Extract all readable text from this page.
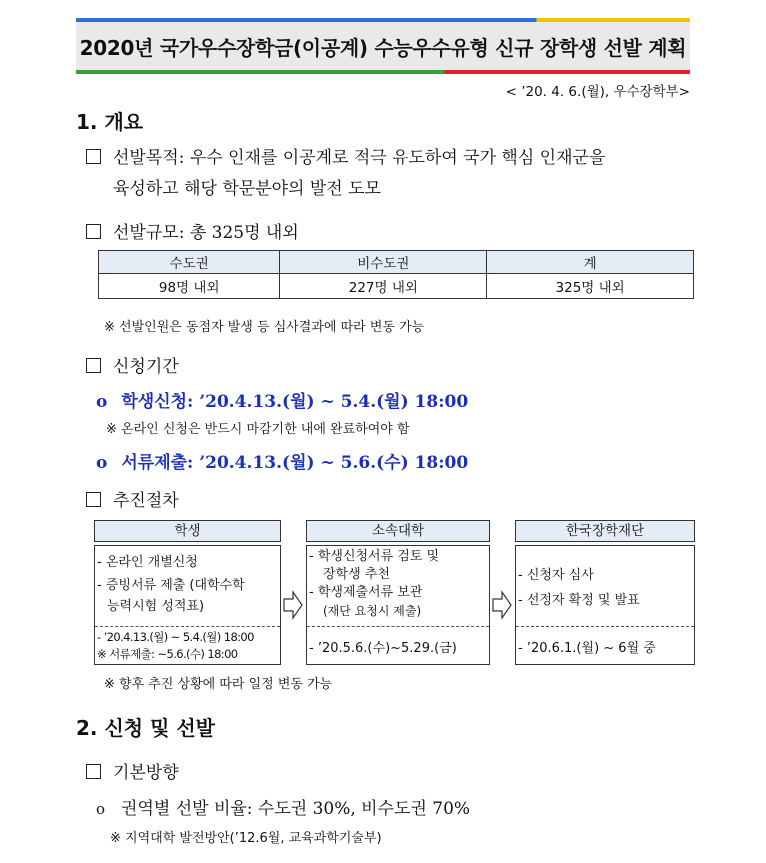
2020년 국가우수장학금(이공계) 수능우수유형 신규 장학생 선발 계획
< ’20. 4. 6.(월), 우수장학부>
1. 개요
선발목적: 우수 인재를 이공계로 적극 유도하여 국가 핵심 인재군을
육성하고 해당 학문분야의 발전 도모
선발규모: 총 325명 내외
수도권	비수도권	계
98명 내외	227명 내외	325명 내외
※ 선발인원은 동점자 발생 등 심사결과에 따라 변동 가능
신청기간
o 학생신청: ’20.4.13.(월) ~ 5.4.(월) 18:00
※ 온라인 신청은 반드시 마감기한 내에 완료하여야 함
o 서류제출: ’20.4.13.(월) ~ 5.6.(수) 18:00
추진절차
학생
- 온라인 개별신청
- 증빙서류 제출 (대학수학
능력시험 성적표)
- ’20.4.13.(월) ~ 5.4.(월) 18:00
※ 서류제출: ~5.6.(수) 18:00
소속대학
- 학생신청서류 검토 및
장학생 추천
- 학생제출서류 보관
(재단 요청시 제출)
- ’20.5.6.(수)~5.29.(금)
한국장학재단
- 신청자 심사
- 선정자 확정 및 발표
- ’20.6.1.(월) ~ 6월 중
※ 향후 추진 상황에 따라 일정 변동 가능
2. 신청 및 선발
기본방향
o 권역별 선발 비율: 수도권 30%, 비수도권 70%
※ 지역대학 발전방안(’12.6월, 교육과학기술부)
